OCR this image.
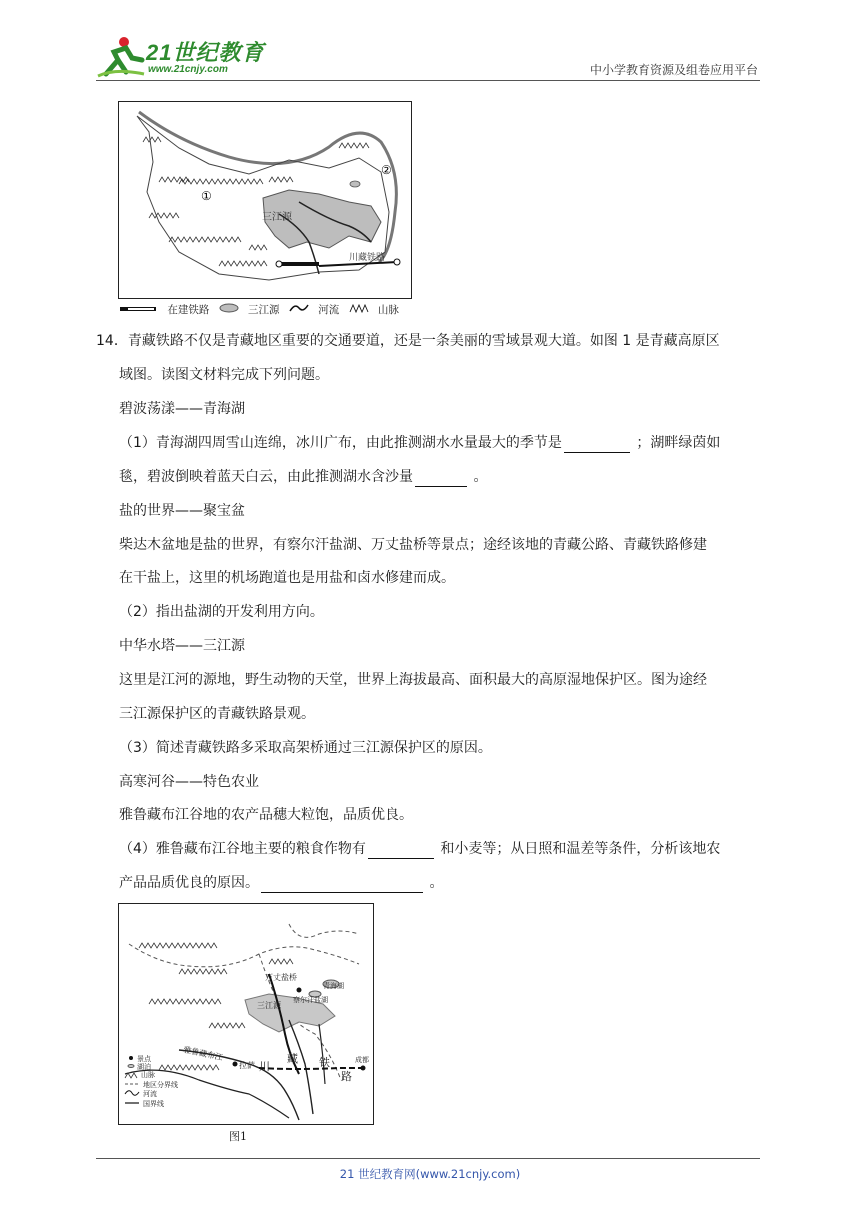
21世纪教育
www.21cnjy.com	中小学教育资源及组卷应用平台
①
②
三江源
川藏铁路
在建铁路	三江源	河流	山脉
14．青藏铁路不仅是青藏地区重要的交通要道，还是一条美丽的雪域景观大道。如图 1 是青藏高原区
域图。读图文材料完成下列问题。
碧波荡漾——青海湖
（1）青海湖四周雪山连绵，冰川广布，由此推测湖水水量最大的季节是	；湖畔绿茵如
毯，碧波倒映着蓝天白云，由此推测湖水含沙量	。
盐的世界——聚宝盆
柴达木盆地是盐的世界，有察尔汗盐湖、万丈盐桥等景点；途经该地的青藏公路、青藏铁路修建
在干盐上，这里的机场跑道也是用盐和卤水修建而成。
（2）指出盐湖的开发利用方向。
中华水塔——三江源
这里是江河的源地，野生动物的天堂，世界上海拔最高、面积最大的高原湿地保护区。图为途经
三江源保护区的青藏铁路景观。
（3）简述青藏铁路多采取高架桥通过三江源保护区的原因。
高寒河谷——特色农业
雅鲁藏布江谷地的农产品穗大粒饱，品质优良。
（4）雅鲁藏布江谷地主要的粮食作物有	和小麦等；从日照和温差等条件，分析该地农
产品品质优良的原因。	。
万丈盐桥
青海湖
察尔汗盐湖
三江源
雅鲁藏布江
拉萨 川
藏 铁
路
成都
景点
湖泊
山脉
地区分界线
河流
国界线
图1
21 世纪教育网(www.21cnjy.com)
